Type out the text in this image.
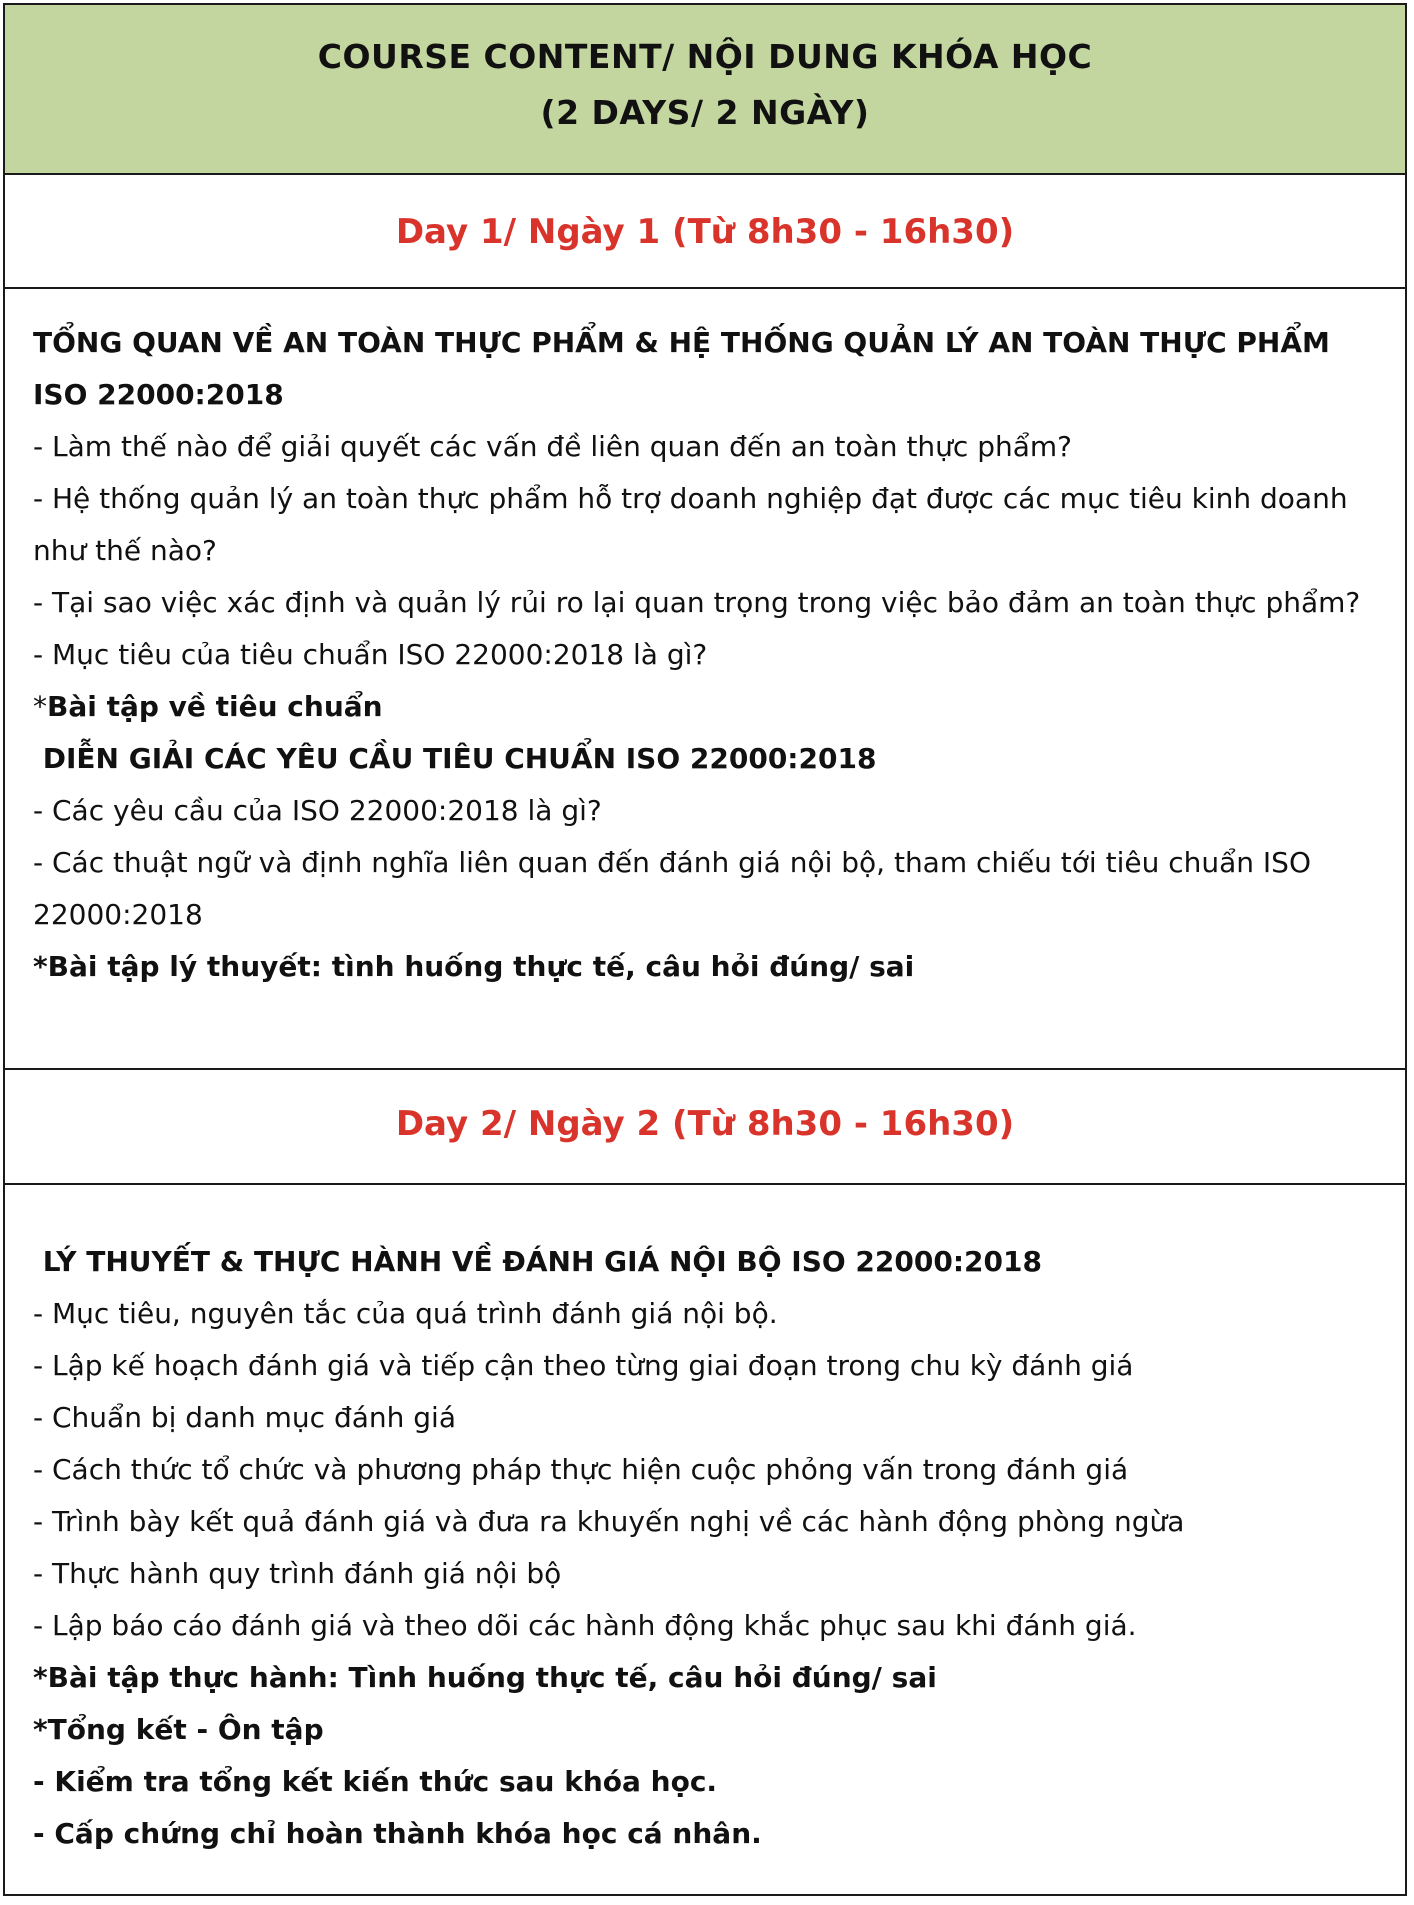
COURSE CONTENT/ NỘI DUNG KHÓA HỌC
(2 DAYS/ 2 NGÀY)
Day 1/ Ngày 1 (Từ 8h30 - 16h30)

TỔNG QUAN VỀ AN TOÀN THỰC PHẨM & HỆ THỐNG QUẢN LÝ AN TOÀN THỰC PHẨM ISO 22000:2018

- Làm thế nào để giải quyết các vấn đề liên quan đến an toàn thực phẩm?

- Hệ thống quản lý an toàn thực phẩm hỗ trợ doanh nghiệp đạt được các mục tiêu kinh doanh như thế nào?

- Tại sao việc xác định và quản lý rủi ro lại quan trọng trong việc bảo đảm an toàn thực phẩm?

- Mục tiêu của tiêu chuẩn ISO 22000:2018 là gì?

*Bài tập về tiêu chuẩn

DIỄN GIẢI CÁC YÊU CẦU TIÊU CHUẨN ISO 22000:2018

- Các yêu cầu của ISO 22000:2018 là gì?

- Các thuật ngữ và định nghĩa liên quan đến đánh giá nội bộ, tham chiếu tới tiêu chuẩn ISO 22000:2018

*Bài tập lý thuyết: tình huống thực tế, câu hỏi đúng/ sai

Day 2/ Ngày 2 (Từ 8h30 - 16h30)

LÝ THUYẾT & THỰC HÀNH VỀ ĐÁNH GIÁ NỘI BỘ ISO 22000:2018

- Mục tiêu, nguyên tắc của quá trình đánh giá nội bộ.

- Lập kế hoạch đánh giá và tiếp cận theo từng giai đoạn trong chu kỳ đánh giá

- Chuẩn bị danh mục đánh giá

- Cách thức tổ chức và phương pháp thực hiện cuộc phỏng vấn trong đánh giá

- Trình bày kết quả đánh giá và đưa ra khuyến nghị về các hành động phòng ngừa

- Thực hành quy trình đánh giá nội bộ

- Lập báo cáo đánh giá và theo dõi các hành động khắc phục sau khi đánh giá.

*Bài tập thực hành: Tình huống thực tế, câu hỏi đúng/ sai

*Tổng kết - Ôn tập

- Kiểm tra tổng kết kiến thức sau khóa học.

- Cấp chứng chỉ hoàn thành khóa học cá nhân.
